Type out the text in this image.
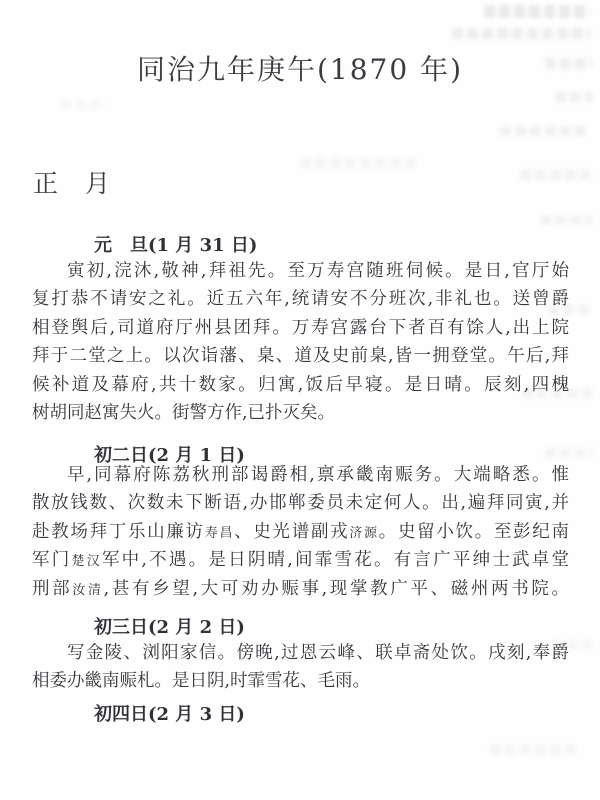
同治九年庚午(1870 年)
正　月
元　旦(1 月 31 日)
寅初,浣沐,敬神,拜祖先。至万寿宫随班伺候。是日,官厅始
复打恭不请安之礼。近五六年,统请安不分班次,非礼也。送曾爵
相登舆后,司道府厅州县团拜。万寿宫露台下者百有馀人,出上院
拜于二堂之上。以次诣藩、臬、道及史前臬,皆一拥登堂。午后,拜
候补道及幕府,共十数家。归寓,饭后早寝。是日晴。辰刻,四槐
树胡同赵寓失火。街警方作,已扑灭矣。
初二日(2 月 1 日)
早,同幕府陈荔秋刑部谒爵相,禀承畿南赈务。大端略悉。惟
散放钱数、次数未下断语,办邯郸委员未定何人。出,遍拜同寅,并
赴教场拜丁乐山廉访寿昌、史光谱副戎济源。史留小饮。至彭纪南
军门楚汉军中,不遇。是日阴晴,间霏雪花。有言广平绅士武卓堂
刑部汝清,甚有乡望,大可劝办赈事,现掌教广平、磁州两书院。
初三日(2 月 2 日)
写金陵、浏阳家信。傍晚,过恩云峰、联卓斋处饮。戌刻,奉爵
相委办畿南赈札。是日阴,时霏雪花、毛雨。
初四日(2 月 3 日)
